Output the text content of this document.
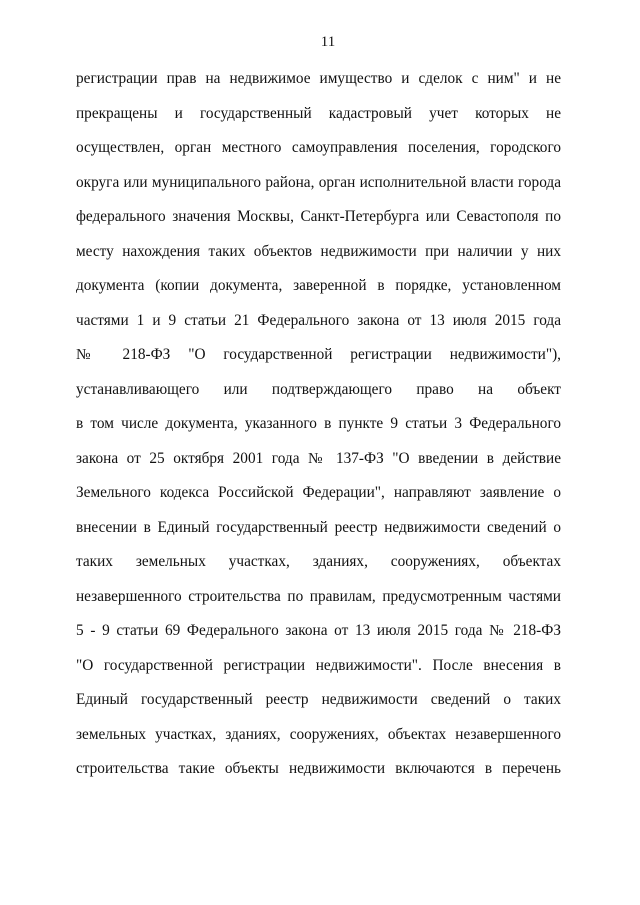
11
регистрации прав на недвижимое имущество и сделок с ним" и не
прекращены и государственный кадастровый учет которых не
осуществлен, орган местного самоуправления поселения, городского
округа или муниципального района, орган исполнительной власти города
федерального значения Москвы, Санкт-Петербурга или Севастополя по
месту нахождения таких объектов недвижимости при наличии у них
документа (копии документа, заверенной в порядке, установленном
частями 1 и 9 статьи 21 Федерального закона от 13 июля 2015 года
№ 218-ФЗ "О государственной регистрации недвижимости"),
устанавливающего или подтверждающего право на объект
в том числе документа, указанного в пункте 9 статьи 3 Федерального
закона от 25 октября 2001 года № 137-ФЗ "О введении в действие
Земельного кодекса Российской Федерации", направляют заявление о
внесении в Единый государственный реестр недвижимости сведений о
таких земельных участках, зданиях, сооружениях, объектах
незавершенного строительства по правилам, предусмотренным частями
5 - 9 статьи 69 Федерального закона от 13 июля 2015 года № 218-ФЗ
"О государственной регистрации недвижимости". После внесения в
Единый государственный реестр недвижимости сведений о таких
земельных участках, зданиях, сооружениях, объектах незавершенного
строительства такие объекты недвижимости включаются в перечень
